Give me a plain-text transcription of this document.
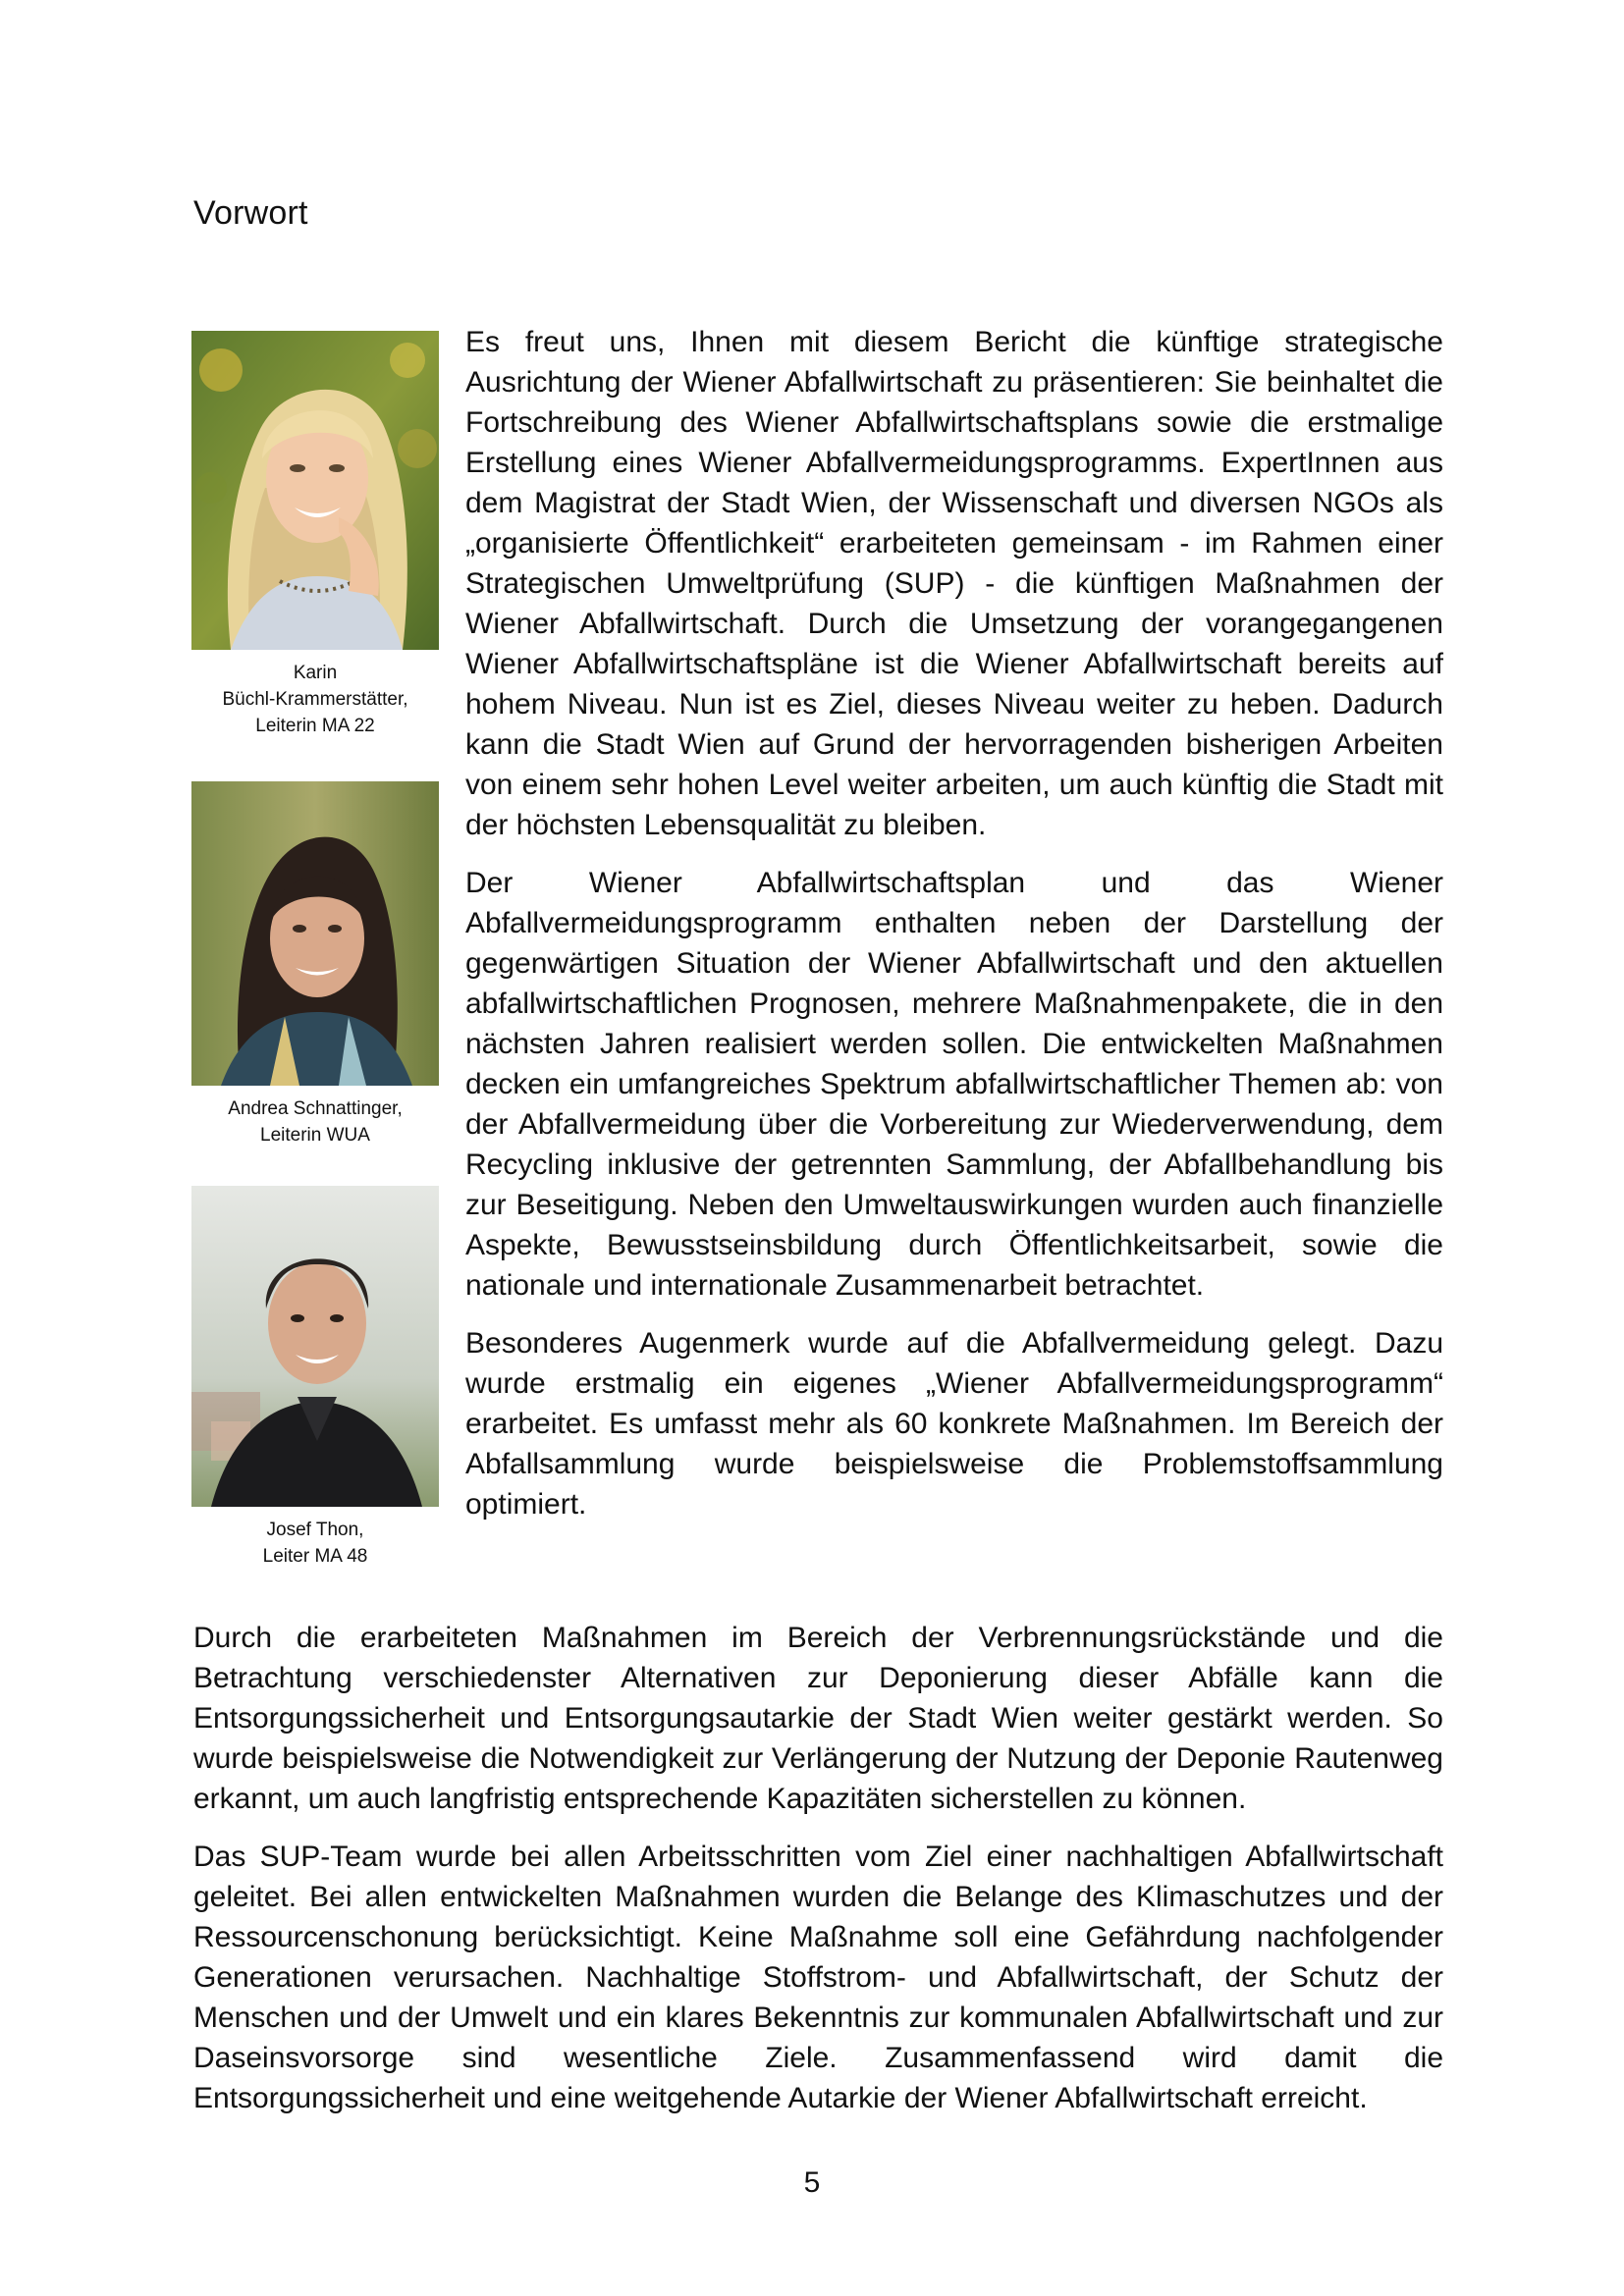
Vorwort
Karin
Büchl-Krammerstätter,
Leiterin MA 22
Andrea Schnattinger,
Leiterin WUA
Josef Thon,
Leiter MA 48

Es freut uns, Ihnen mit diesem Bericht die künftige strategische Ausrichtung der Wiener Abfallwirtschaft zu präsentieren: Sie beinhaltet die Fortschreibung des Wiener Abfallwirtschaftsplans sowie die erstmalige Erstellung eines Wiener Abfallvermeidungsprogramms. ExpertInnen aus dem Magistrat der Stadt Wien, der Wissenschaft und diversen NGOs als „organisierte Öffentlichkeit“ erarbeiteten gemeinsam - im Rahmen einer Strategischen Umweltprüfung (SUP) - die künftigen Maßnahmen der Wiener Abfallwirtschaft. Durch die Umsetzung der vorangegangenen Wiener Abfallwirtschaftspläne ist die Wiener Abfallwirtschaft bereits auf hohem Niveau. Nun ist es Ziel, dieses Niveau weiter zu heben. Dadurch kann die Stadt Wien auf Grund der hervorragenden bisherigen Arbeiten von einem sehr hohen Level weiter arbeiten, um auch künftig die Stadt mit der höchsten Lebensqualität zu bleiben.

Der Wiener Abfallwirtschaftsplan und das Wiener Abfallvermeidungsprogramm enthalten neben der Darstellung der gegenwärtigen Situation der Wiener Abfallwirtschaft und den aktuellen abfallwirtschaftlichen Prognosen, mehrere Maßnahmenpakete, die in den nächsten Jahren realisiert werden sollen. Die entwickelten Maßnahmen decken ein umfangreiches Spektrum abfallwirtschaftlicher Themen ab: von der Abfallvermeidung über die Vorbereitung zur Wiederverwendung, dem Recycling inklusive der getrennten Sammlung, der Abfallbehandlung bis zur Beseitigung. Neben den Umweltauswirkungen wurden auch finanzielle Aspekte, Bewusstseinsbildung durch Öffentlichkeitsarbeit, sowie die nationale und internationale Zusammenarbeit betrachtet.

Besonderes Augenmerk wurde auf die Abfallvermeidung gelegt. Dazu wurde erstmalig ein eigenes „Wiener Abfallvermeidungsprogramm“ erarbeitet. Es umfasst mehr als 60 konkrete Maßnahmen. Im Bereich der Abfallsammlung wurde beispielsweise die Problemstoffsammlung optimiert.

Durch die erarbeiteten Maßnahmen im Bereich der Verbrennungsrückstände und die Betrachtung verschiedenster Alternativen zur Deponierung dieser Abfälle kann die Entsorgungssicherheit und Entsorgungsautarkie der Stadt Wien weiter gestärkt werden. So wurde beispielsweise die Notwendigkeit zur Verlängerung der Nutzung der Deponie Rautenweg erkannt, um auch langfristig entsprechende Kapazitäten sicherstellen zu können.

Das SUP-Team wurde bei allen Arbeitsschritten vom Ziel einer nachhaltigen Abfallwirtschaft geleitet. Bei allen entwickelten Maßnahmen wurden die Belange des Klimaschutzes und der Ressourcenschonung berücksichtigt. Keine Maßnahme soll eine Gefährdung nachfolgender Generationen verursachen. Nachhaltige Stoffstrom- und Abfallwirtschaft, der Schutz der Menschen und der Umwelt und ein klares Bekenntnis zur kommunalen Abfallwirtschaft und zur Daseinsvorsorge sind wesentliche Ziele. Zusammenfassend wird damit die Entsorgungssicherheit und eine weitgehende Autarkie der Wiener Abfallwirtschaft erreicht.

5
